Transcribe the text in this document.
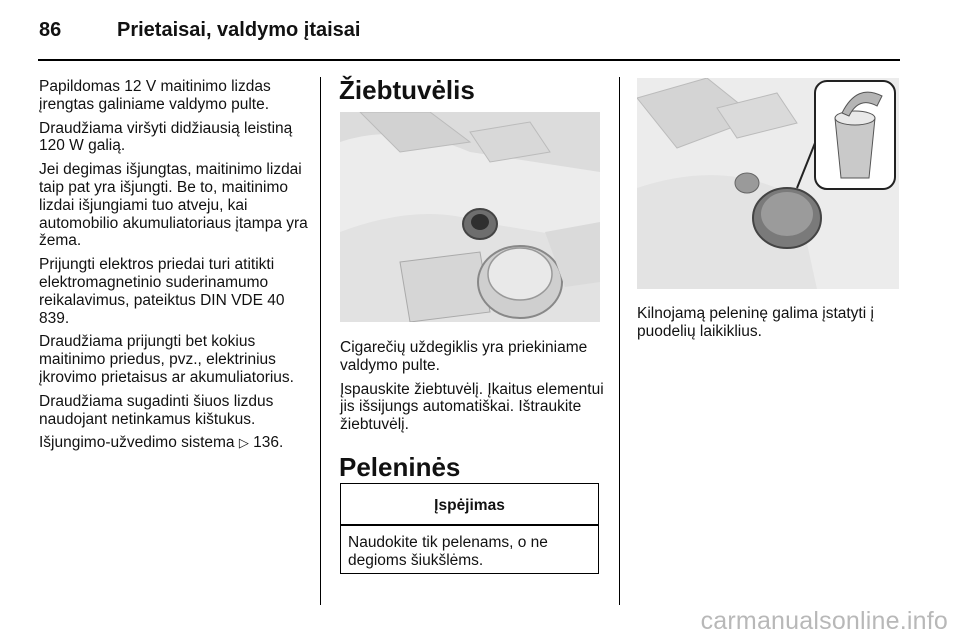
86	Prietaisai, valdymo įtaisai

Papildomas 12 V maitinimo lizdas įrengtas galiniame valdymo pulte.

Draudžiama viršyti didžiausią leistiną 120 W galią.

Jei degimas išjungtas, maitinimo lizdai taip pat yra išjungti. Be to, maitinimo lizdai išjungiami tuo atveju, kai automobilio akumuliatoriaus įtampa yra žema.

Prijungti elektros priedai turi atitikti elektromagnetinio suderinamumo reikalavimus, pateiktus DIN VDE 40 839.

Draudžiama prijungti bet kokius maitinimo priedus, pvz., elektrinius įkrovimo prietaisus ar akumuliatorius.

Draudžiama sugadinti šiuos lizdus naudojant netinkamus kištukus.

Išjungimo-užvedimo sistema ▷ 136.

Žiebtuvėlis

Cigarečių uždegiklis yra priekiniame valdymo pulte.

Įspauskite žiebtuvėlį. Įkaitus elementui jis išsijungs automatiškai. Ištraukite žiebtuvėlį.

Peleninės
Įspėjimas
Naudokite tik pelenams, o ne degioms šiukšlėms.

Kilnojamą peleninę galima įstatyti į puodelių laikiklius.

carmanualsonline.info
